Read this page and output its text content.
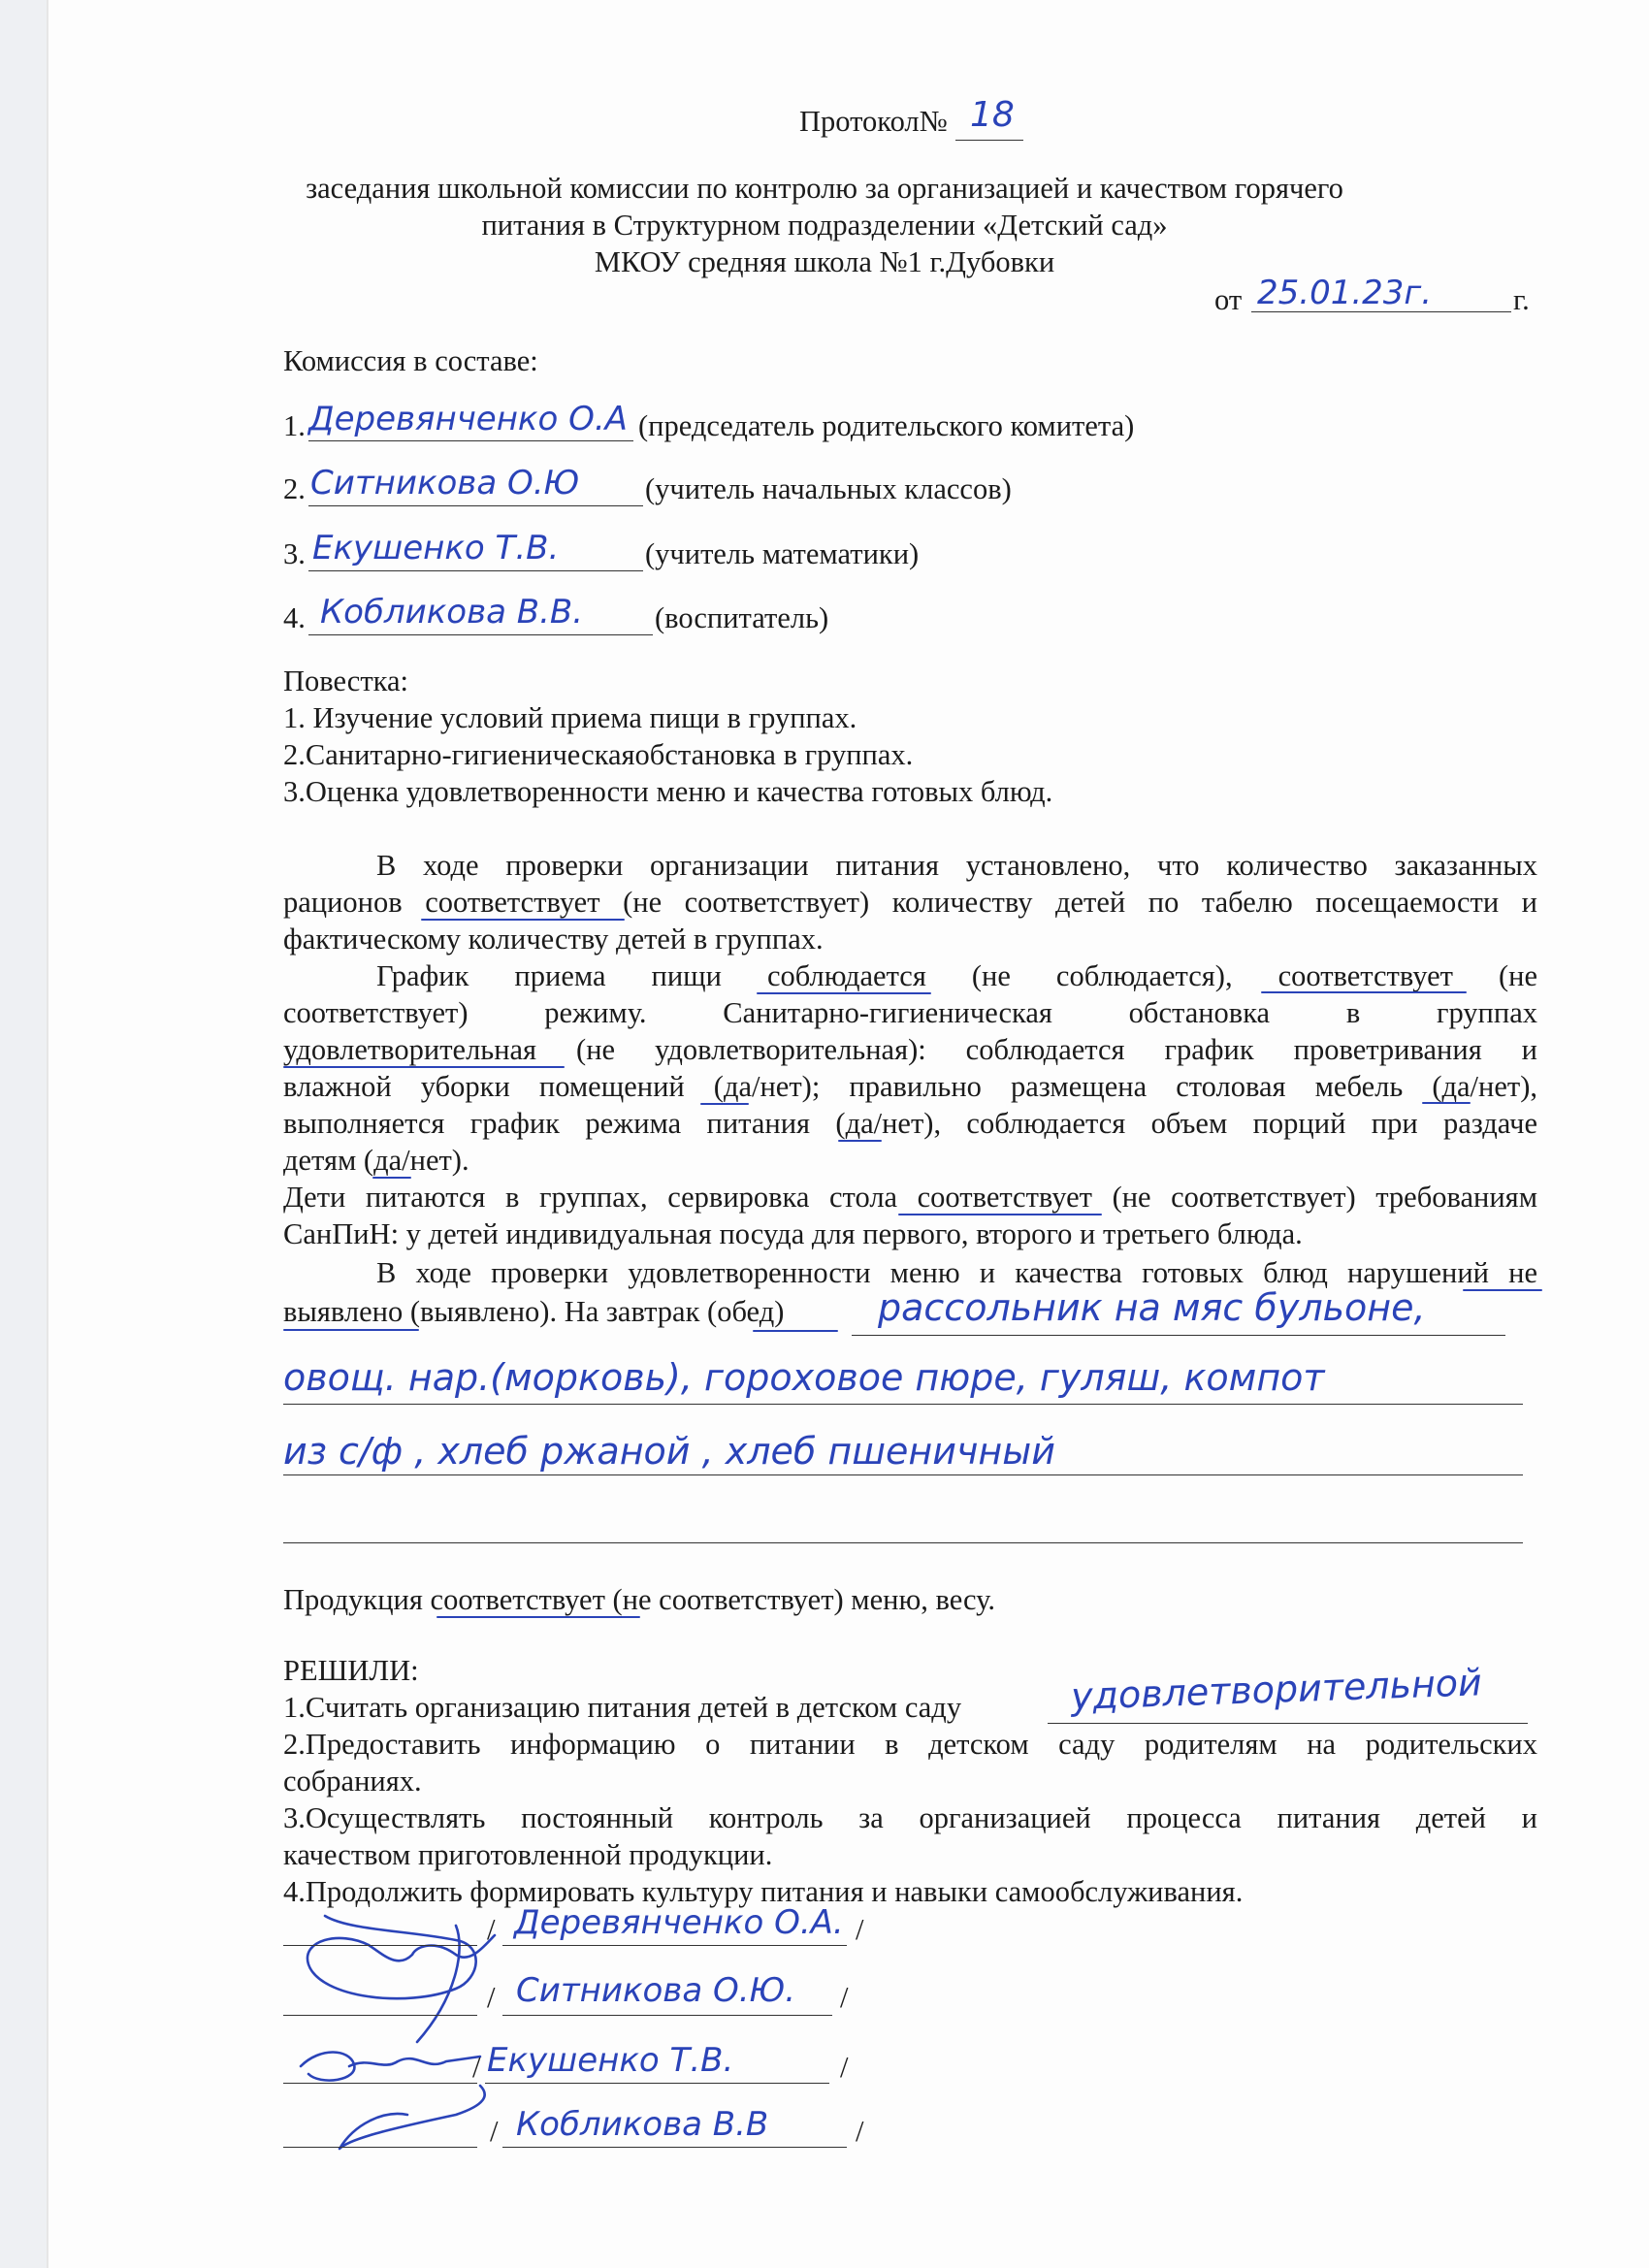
Протокол№ 18
заседания школьной комиссии по контролю за организацией и качеством горячего
питания в Структурном подразделении «Детский сад»
МКОУ средняя школа №1 г.Дубовки
от 25.01.23г.	г.
Комиссия в составе:
1. Деревянченко О.А (председатель родительского комитета)
2. Ситникова О.Ю (учитель начальных классов)
3. Екушенко Т.В.	(учитель математики)
4. Кобликова В.В. (воспитатель)
Повестка:
1. Изучение условий приема пищи в группах.
2.Санитарно-гигиеническаяобстановка в группах.
3.Оценка удовлетворенности меню и качества готовых блюд.
В ходе проверки организации питания установлено, что количество заказанных
рационов соответствует (не соответствует) количеству детей по табелю посещаемости и
фактическому количеству детей в группах.
График приема пищи соблюдается (не соблюдается), соответствует (не
соответствует) режиму. Санитарно-гигиеническая обстановка в группах
удовлетворительная (не удовлетворительная): соблюдается график проветривания и
влажной уборки помещений (да/нет); правильно размещена столовая мебель (да/нет),
выполняется график режима питания (да/нет), соблюдается объем порций при раздаче
детям (да/нет).
Дети питаются в группах, сервировка стола соответствует (не соответствует) требованиям
СанПиН: у детей индивидуальная посуда для первого, второго и третьего блюда.
В ходе проверки удовлетворенности меню и качества готовых блюд нарушений не
выявлено (выявлено). На завтрак (обед)	рассольник на мяс бульоне,
овощ. нар.(морковь), гороховое пюре, гуляш, компот
из с/ф , хлеб ржаной , хлеб пшеничный
Продукция соответствует (не соответствует) меню, весу.
РЕШИЛИ:
1.Считать организацию питания детей в детском саду	удовлетворительной
2.Предоставить информацию о питании в детском саду родителям на родительских
собраниях.
3.Осуществлять постоянный контроль за организацией процесса питания детей и
качеством приготовленной продукции.
4.Продолжить формировать культуру питания и навыки самообслуживания.
/ Деревянченко О.А. /
/ Ситникова О.Ю. /
/ Екушенко Т.В.	/
/ Кобликова В.В	/
